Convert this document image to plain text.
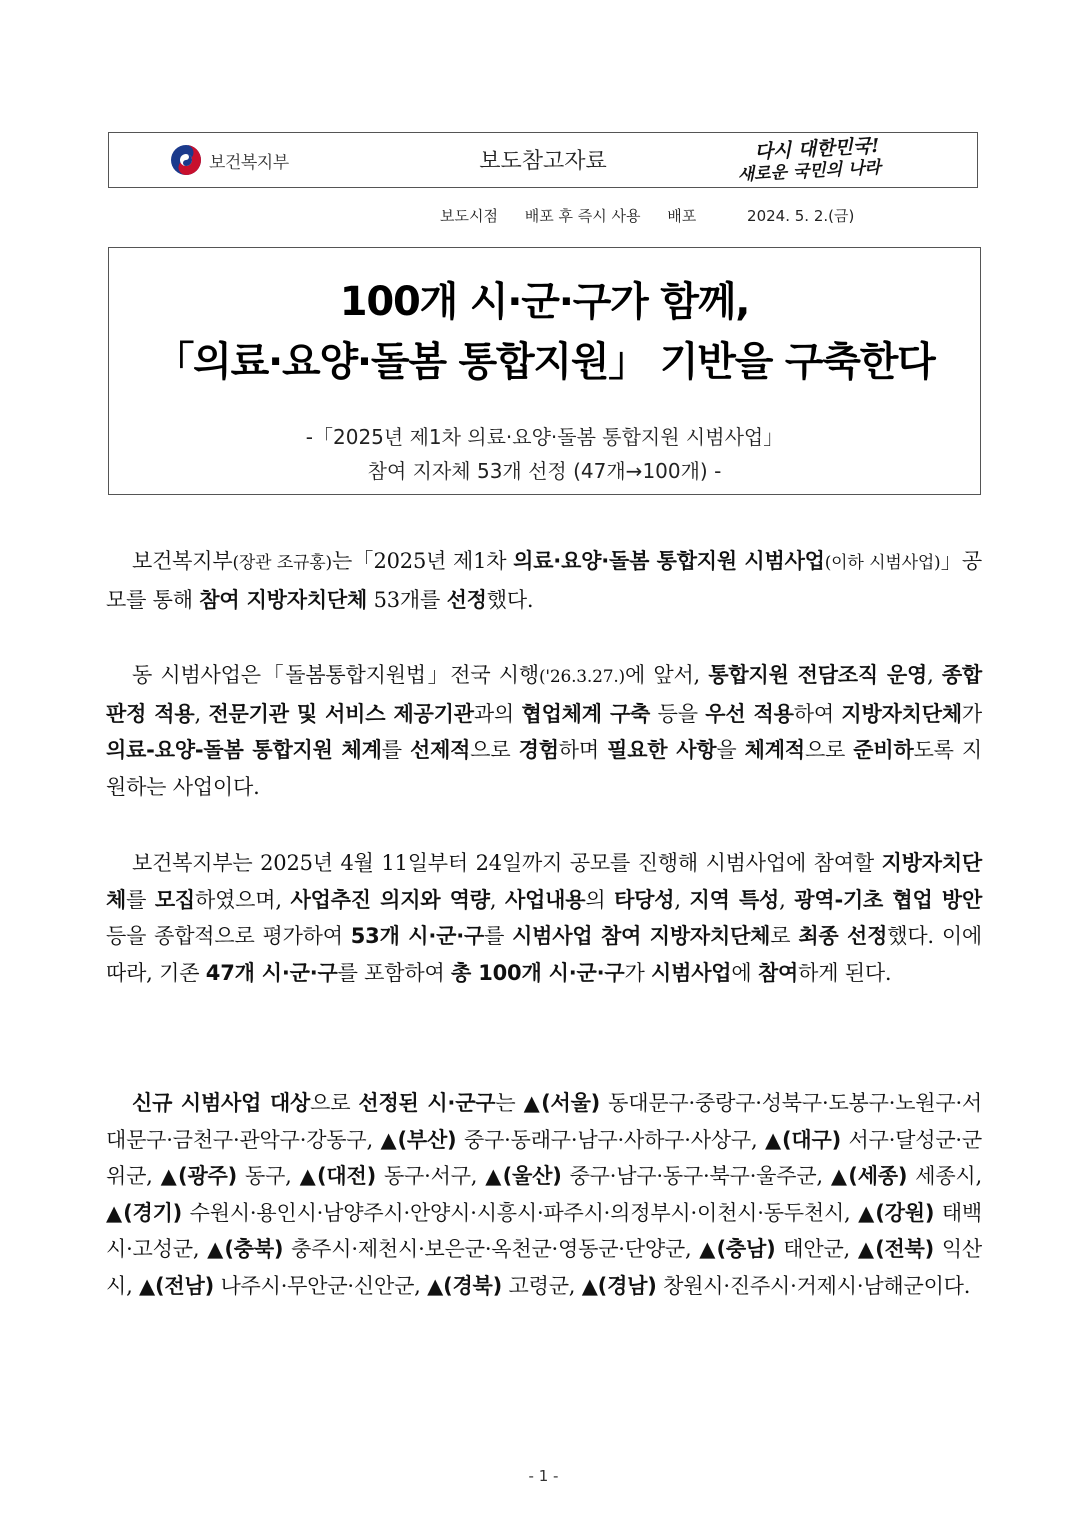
보건복지부	보도참고자료	다시 대한민국!
새로운 국민의 나라
보도시점 배포 후 즉시 사용 배포	2024. 5. 2.(금)
100개 시·군·구가 함께,
「의료·요양·돌봄 통합지원」 기반을 구축한다
-「2025년 제1차 의료·요양·돌봄 통합지원 시범사업」
참여 지자체 53개 선정 (47개→100개) -
보건복지부(장관 조규홍)는「2025년 제1차 의료·요양·돌봄 통합지원 시범사업(이하 시범사업)」공모를 통해 참여 지방자치단체 53개를 선정했다.
동 시범사업은「돌봄통합지원법」전국 시행('26.3.27.)에 앞서, 통합지원 전담조직 운영, 종합판정 적용, 전문기관 및 서비스 제공기관과의 협업체계 구축 등을 우선 적용하여 지방자치단체가 의료-요양-돌봄 통합지원 체계를 선제적으로 경험하며 필요한 사항을 체계적으로 준비하도록 지원하는 사업이다.
보건복지부는 2025년 4월 11일부터 24일까지 공모를 진행해 시범사업에 참여할 지방자치단체를 모집하였으며, 사업추진 의지와 역량, 사업내용의 타당성, 지역 특성, 광역-기초 협업 방안 등을 종합적으로 평가하여 53개 시·군·구를 시범사업 참여 지방자치단체로 최종 선정했다. 이에 따라, 기존 47개 시·군·구를 포함하여 총 100개 시·군·구가 시범사업에 참여하게 된다.
신규 시범사업 대상으로 선정된 시·군구는 ▲(서울) 동대문구·중랑구·성북구·도봉구·노원구·서대문구·금천구·관악구·강동구, ▲(부산) 중구·동래구·남구·사하구·사상구, ▲(대구) 서구·달성군·군위군, ▲(광주) 동구, ▲(대전) 동구·서구, ▲(울산) 중구·남구·동구·북구·울주군, ▲(세종) 세종시, ▲(경기) 수원시·용인시·남양주시·안양시·시흥시·파주시·의정부시·이천시·동두천시, ▲(강원) 태백시·고성군, ▲(충북) 충주시·제천시·보은군·옥천군·영동군·단양군, ▲(충남) 태안군, ▲(전북) 익산시, ▲(전남) 나주시·무안군·신안군, ▲(경북) 고령군, ▲(경남) 창원시·진주시·거제시·남해군이다.
- 1 -
